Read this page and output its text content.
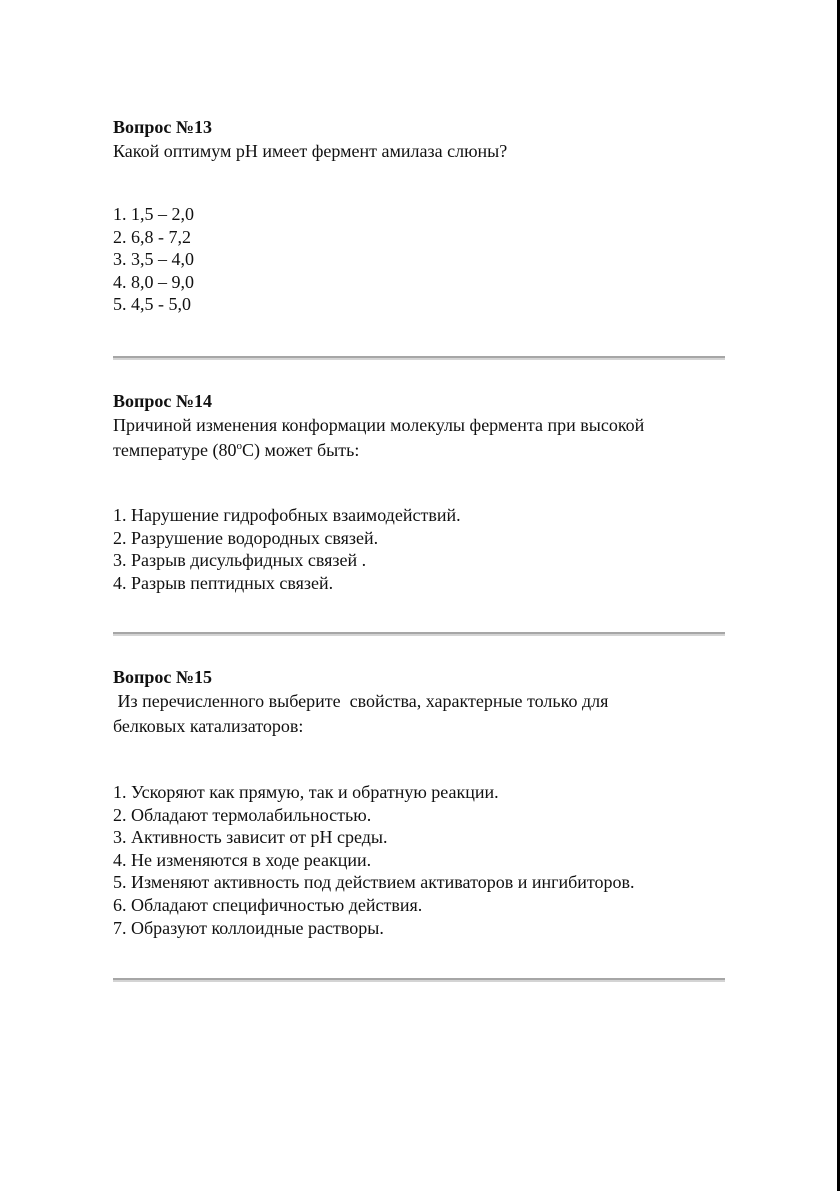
Вопрос №13

Какой оптимум pH имеет фермент амилаза слюны?

1. 1,5 – 2,0
2. 6,8 - 7,2
3. 3,5 – 4,0
4. 8,0 – 9,0
5. 4,5 - 5,0

Вопрос №14

Причиной изменения конформации молекулы фермента при высокой

температуре (80$^o$С) может быть:

1. Нарушение гидрофобных взаимодействий.
2. Разрушение водородных связей.
3. Разрыв дисульфидных связей .
4. Разрыв пептидных связей.

Вопрос №15

Из перечисленного выберите  свойства, характерные только для

белковых катализаторов:

1. Ускоряют как прямую, так и обратную реакции.
2. Обладают термолабильностью.
3. Активность зависит от pH среды.
4. Не изменяются в ходе реакции.
5. Изменяют активность под действием активаторов и ингибиторов.
6. Обладают специфичностью действия.
7. Образуют коллоидные растворы.
